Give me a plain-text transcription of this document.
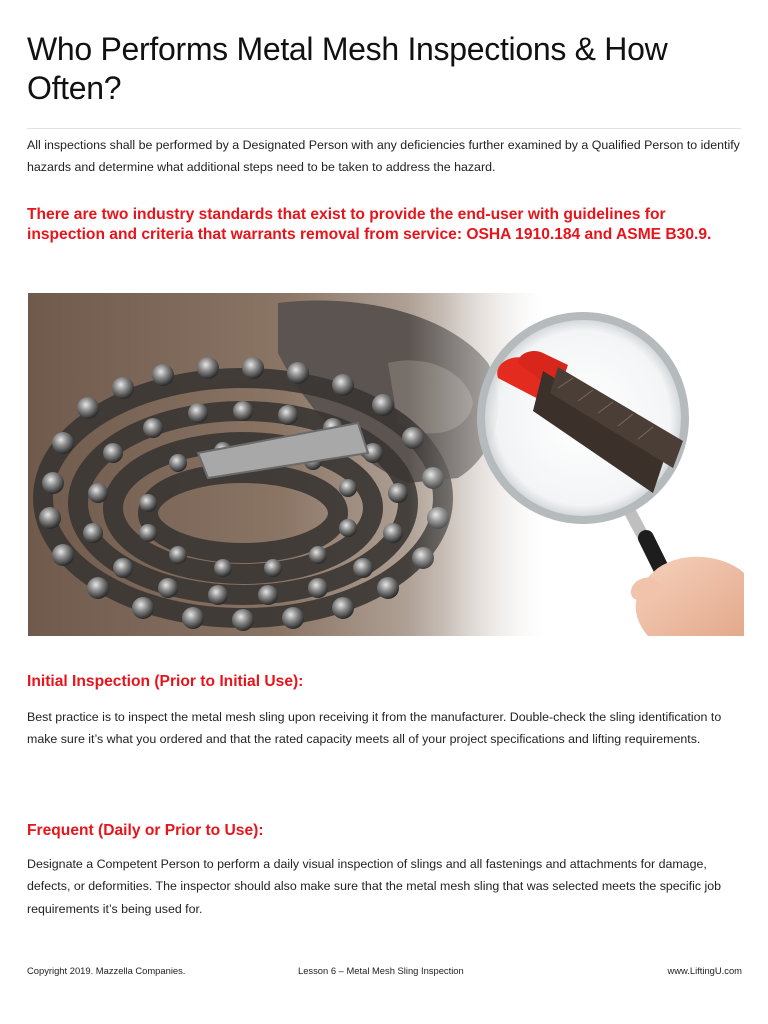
Who Performs Metal Mesh Inspections & How Often?

All inspections shall be performed by a Designated Person with any deficiencies further examined by a Qualified Person to identify hazards and determine what additional steps need to be taken to address the hazard.

There are two industry standards that exist to provide the end-user with guidelines for inspection and criteria that warrants removal from service: OSHA 1910.184 and ASME B30.9.

Initial Inspection (Prior to Initial Use):

Best practice is to inspect the metal mesh sling upon receiving it from the manufacturer. Double-check the sling identification to make sure it’s what you ordered and that the rated capacity meets all of your project specifications and lifting requirements.

Frequent (Daily or Prior to Use):

Designate a Competent Person to perform a daily visual inspection of slings and all fastenings and attachments for damage, defects, or deformities. The inspector should also make sure that the metal mesh sling that was selected meets the specific job requirements it’s being used for.

Copyright 2019. Mazzella Companies.	Lesson 6 – Metal Mesh Sling Inspection	www.LiftingU.com
